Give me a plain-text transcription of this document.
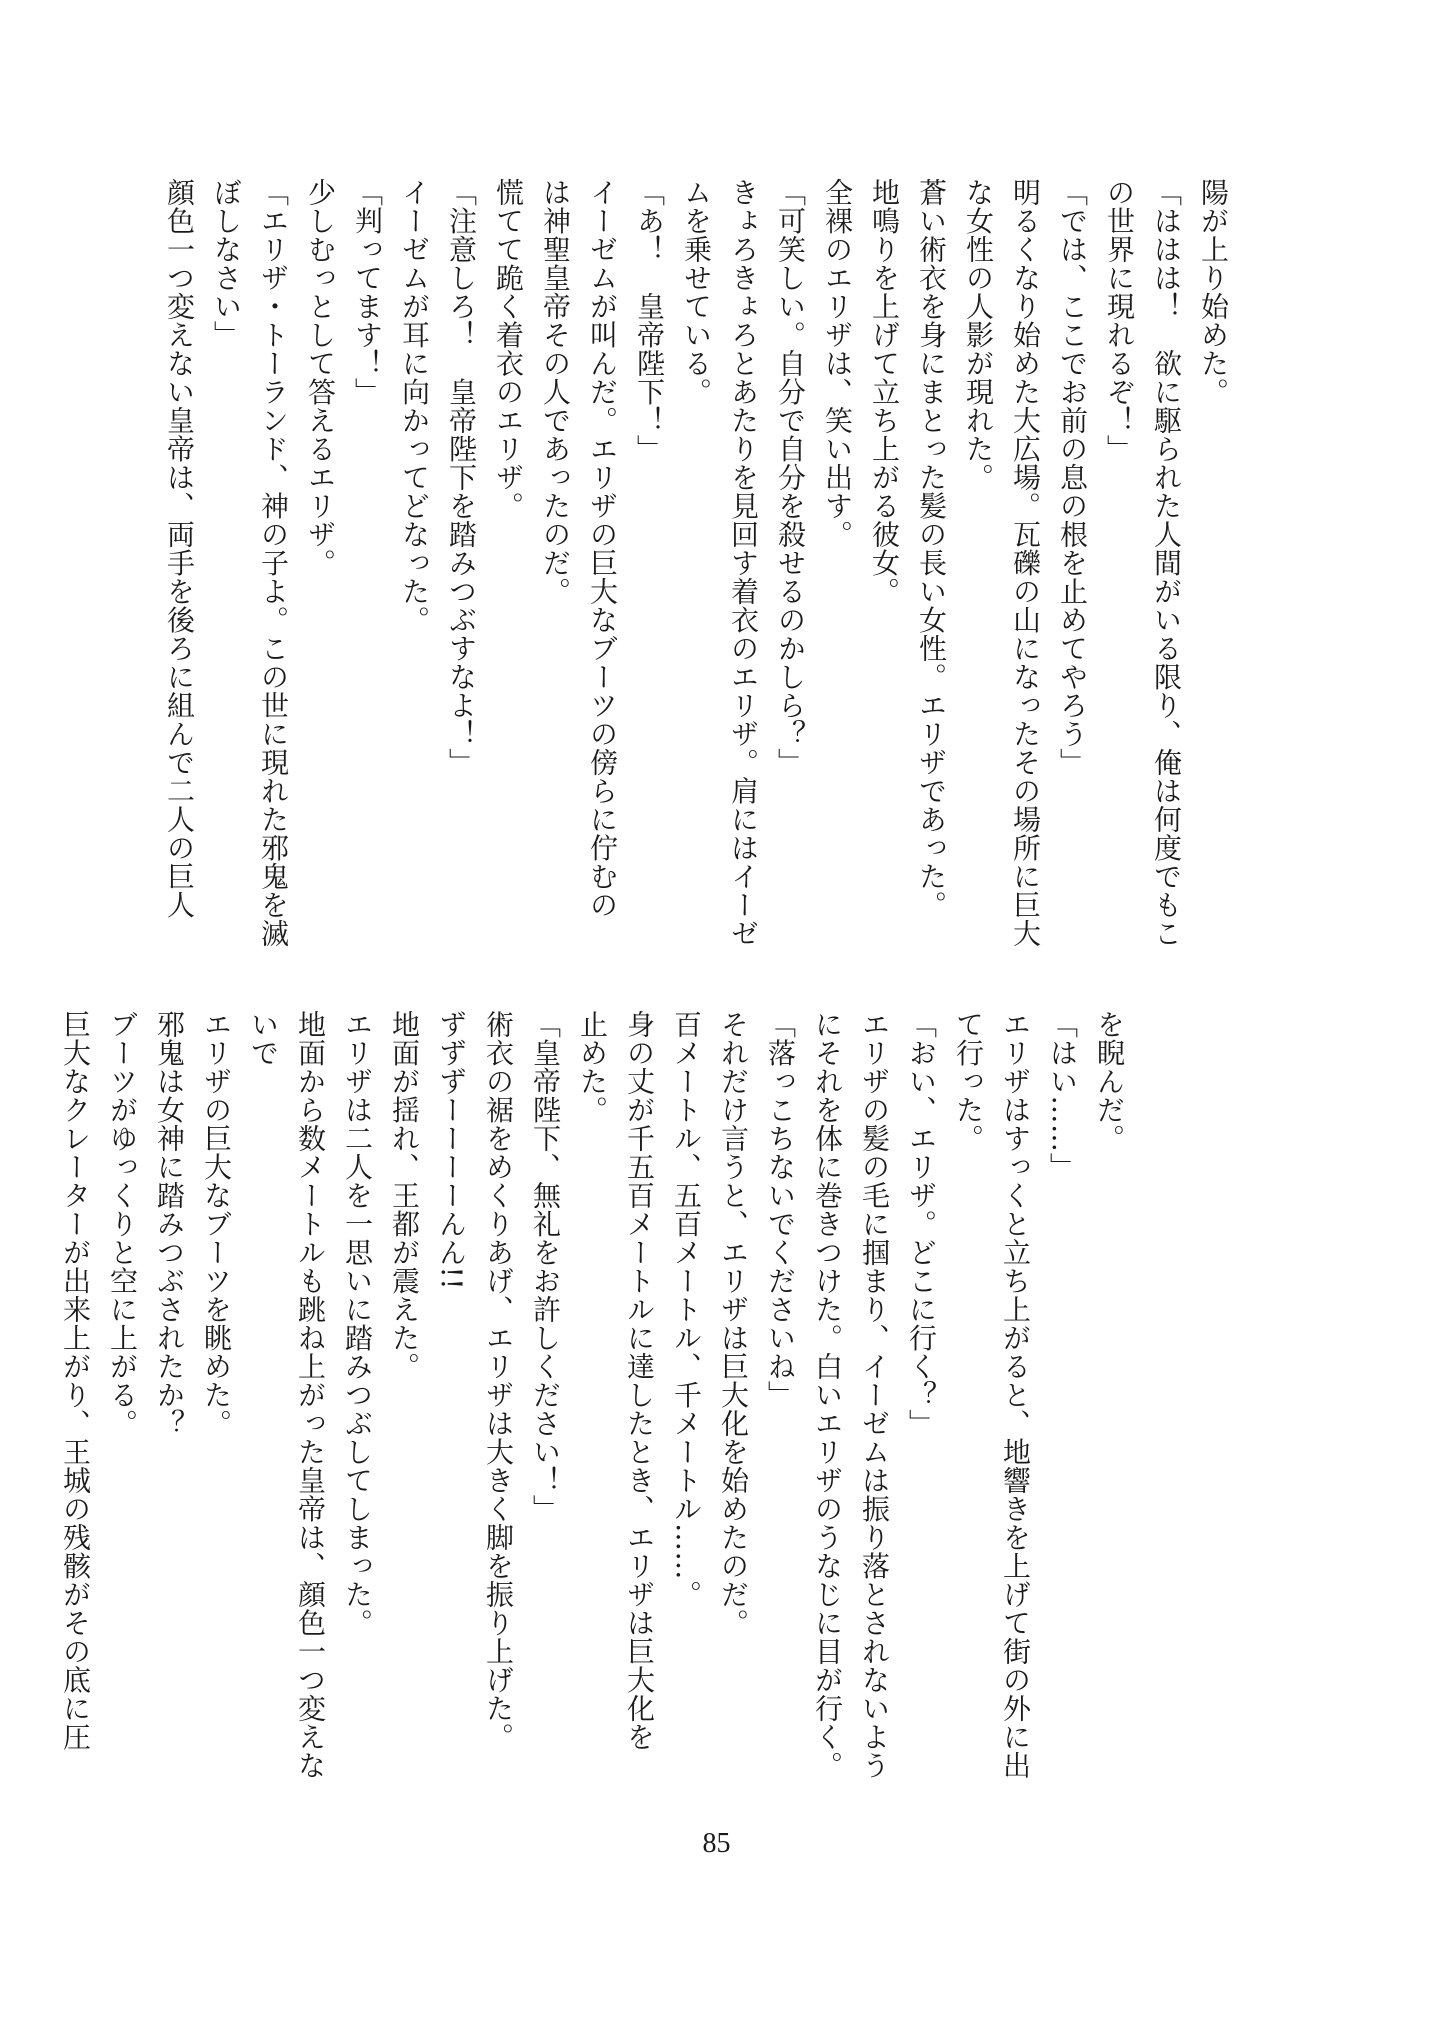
陽が上り始めた。
「ははは！　欲に駆られた人間がいる限り、俺は何度でもこ
の世界に現れるぞ！」
「では、ここでお前の息の根を止めてやろう」
明るくなり始めた大広場。瓦礫の山になったその場所に巨大
な女性の人影が現れた。
蒼い術衣を身にまとった髪の長い女性。エリザであった。
地鳴りを上げて立ち上がる彼女。
全裸のエリザは、笑い出す。
「可笑しい。自分で自分を殺せるのかしら？」
きょろきょろとあたりを見回す着衣のエリザ。肩にはイーゼ
ムを乗せている。
「あ！　皇帝陛下！」
イーゼムが叫んだ。エリザの巨大なブーツの傍らに佇むの
は神聖皇帝その人であったのだ。
慌てて跪く着衣のエリザ。
「注意しろ！　皇帝陛下を踏みつぶすなよ！」
イーゼムが耳に向かってどなった。
「判ってます！」
少しむっとして答えるエリザ。
「エリザ・トーランド、神の子よ。この世に現れた邪鬼を滅
ぼしなさい」
顔色一つ変えない皇帝は、両手を後ろに組んで二人の巨人
を睨んだ。
「はい……」
エリザはすっくと立ち上がると、地響きを上げて街の外に出
て行った。
「おい、エリザ。どこに行く？」
エリザの髪の毛に掴まり、イーゼムは振り落とされないよう
にそれを体に巻きつけた。白いエリザのうなじに目が行く。
「落っこちないでくださいね」
それだけ言うと、エリザは巨大化を始めたのだ。
百メートル、五百メートル、千メートル……。
身の丈が千五百メートルに達したとき、エリザは巨大化を
止めた。
「皇帝陛下、無礼をお許しください！」
術衣の裾をめくりあげ、エリザは大きく脚を振り上げた。
ずずずーーーーんん!!
地面が揺れ、王都が震えた。
エリザは二人を一思いに踏みつぶしてしまった。
地面から数メートルも跳ね上がった皇帝は、顔色一つ変えな
いで
エリザの巨大なブーツを眺めた。
邪鬼は女神に踏みつぶされたか？
ブーツがゆっくりと空に上がる。
巨大なクレーターが出来上がり、王城の残骸がその底に圧
85
